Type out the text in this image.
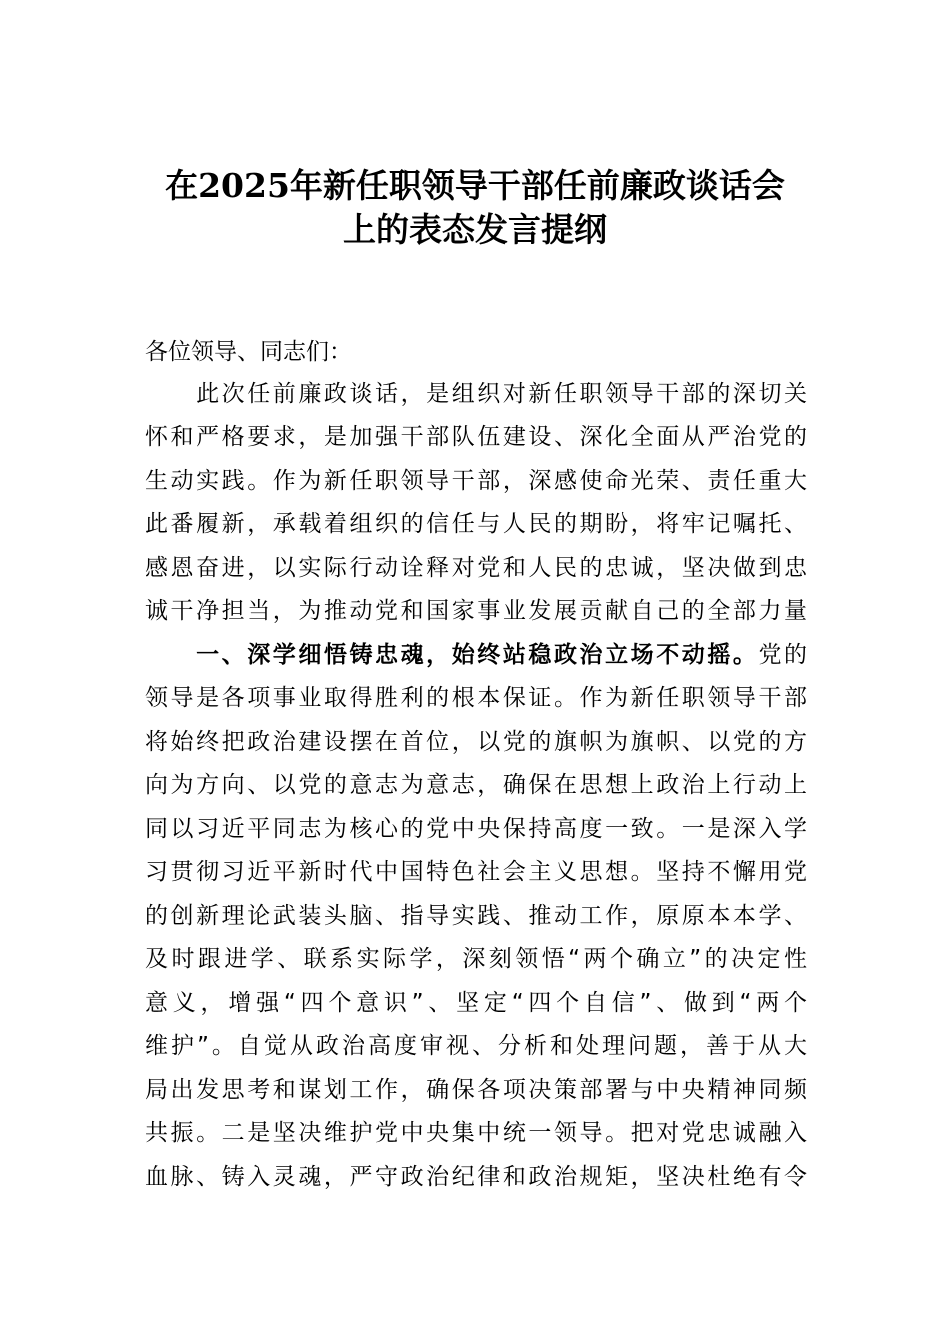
在2025年新任职领导干部任前廉政谈话会
上的表态发言提纲
各位领导、同志们：
　　此次任前廉政谈话，是组织对新任职领导干部的深切关
怀和严格要求，是加强干部队伍建设、深化全面从严治党的
生动实践。作为新任职领导干部，深感使命光荣、责任重大
此番履新，承载着组织的信任与人民的期盼，将牢记嘱托、
感恩奋进，以实际行动诠释对党和人民的忠诚，坚决做到忠
诚干净担当，为推动党和国家事业发展贡献自己的全部力量
　　一、深学细悟铸忠魂，始终站稳政治立场不动摇。党的
领导是各项事业取得胜利的根本保证。作为新任职领导干部
将始终把政治建设摆在首位，以党的旗帜为旗帜、以党的方
向为方向、以党的意志为意志，确保在思想上政治上行动上
同以习近平同志为核心的党中央保持高度一致。一是深入学
习贯彻习近平新时代中国特色社会主义思想。坚持不懈用党
的创新理论武装头脑、指导实践、推动工作，原原本本学、
及时跟进学、联系实际学，深刻领悟“两个确立”的决定性
意义，增强“四个意识”、坚定“四个自信”、做到“两个
维护”。自觉从政治高度审视、分析和处理问题，善于从大
局出发思考和谋划工作，确保各项决策部署与中央精神同频
共振。二是坚决维护党中央集中统一领导。把对党忠诚融入
血脉、铸入灵魂，严守政治纪律和政治规矩，坚决杜绝有令
